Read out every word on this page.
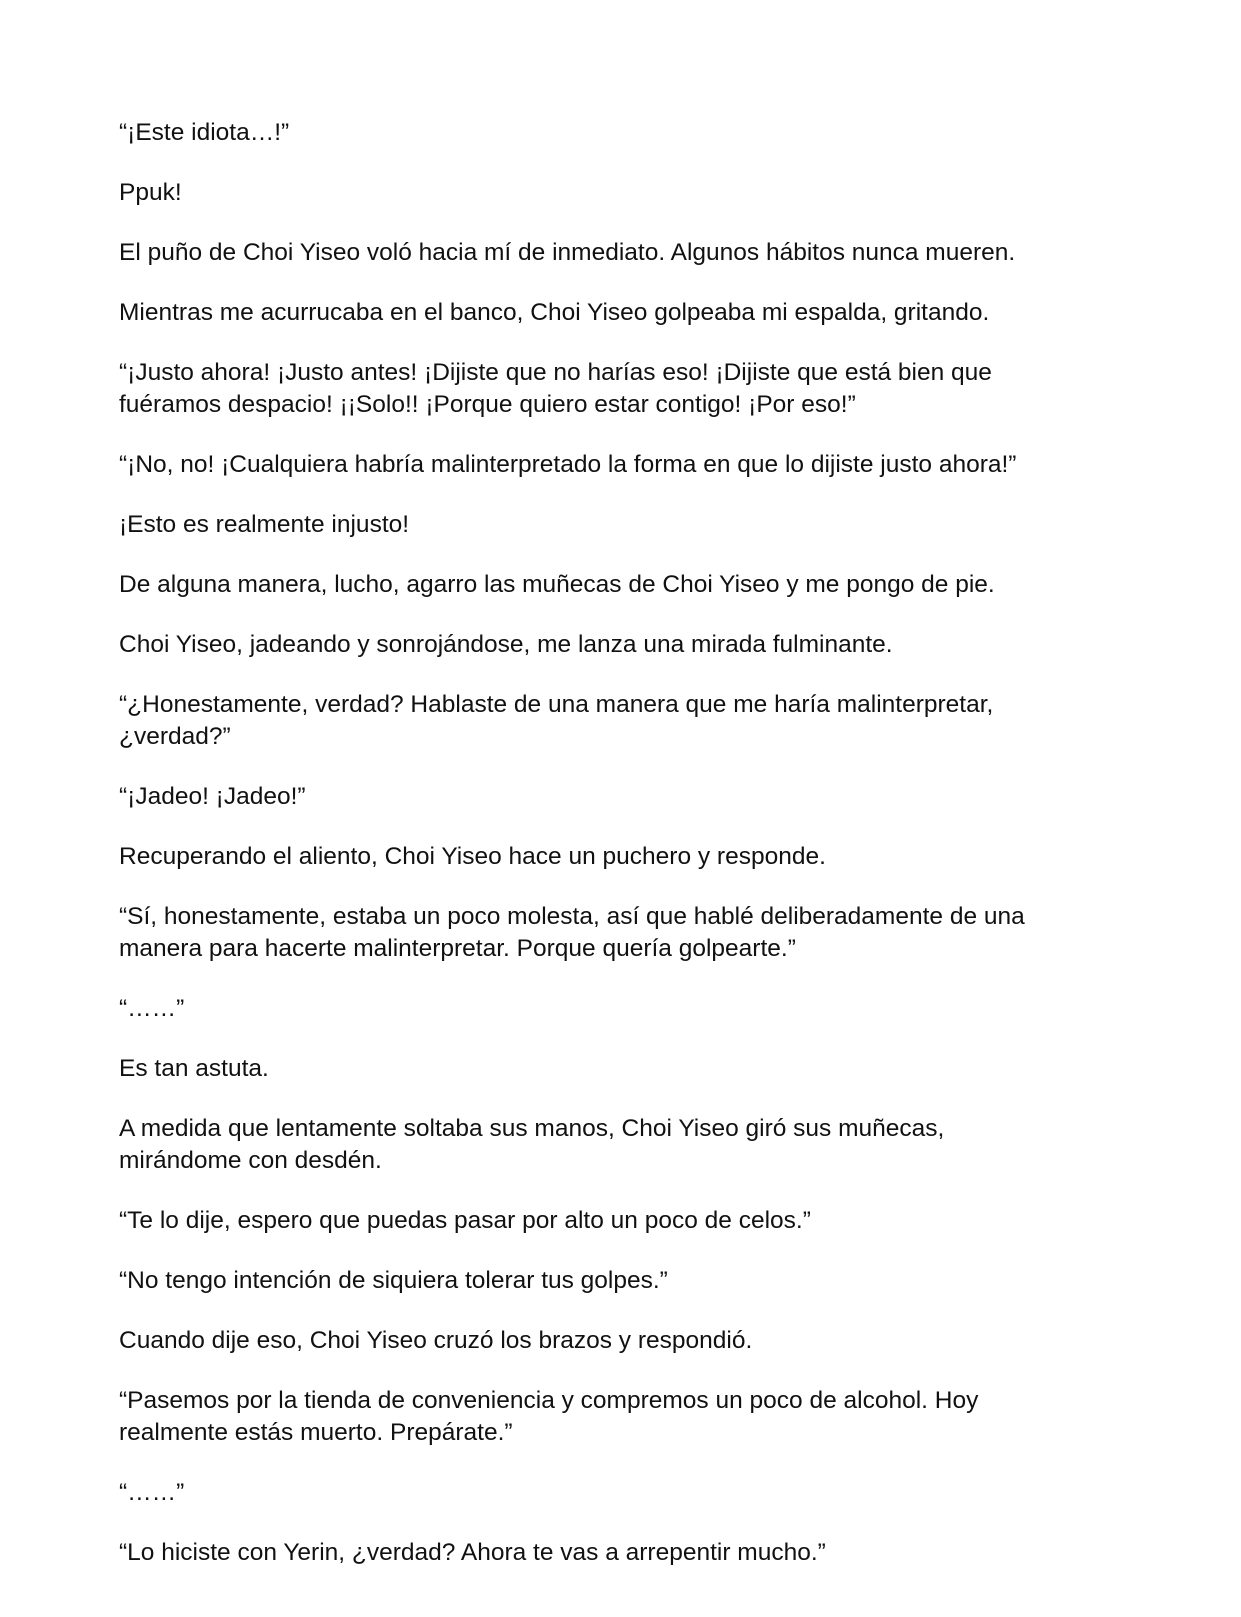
“¡Este idiota…!”

Ppuk!

El puño de Choi Yiseo voló hacia mí de inmediato. Algunos hábitos nunca mueren.

Mientras me acurrucaba en el banco, Choi Yiseo golpeaba mi espalda, gritando.

“¡Justo ahora! ¡Justo antes! ¡Dijiste que no harías eso! ¡Dijiste que está bien que
fuéramos despacio! ¡¡Solo!! ¡Porque quiero estar contigo! ¡Por eso!”

“¡No, no! ¡Cualquiera habría malinterpretado la forma en que lo dijiste justo ahora!”

¡Esto es realmente injusto!

De alguna manera, lucho, agarro las muñecas de Choi Yiseo y me pongo de pie.

Choi Yiseo, jadeando y sonrojándose, me lanza una mirada fulminante.

“¿Honestamente, verdad? Hablaste de una manera que me haría malinterpretar,
¿verdad?”

“¡Jadeo! ¡Jadeo!”

Recuperando el aliento, Choi Yiseo hace un puchero y responde.

“Sí, honestamente, estaba un poco molesta, así que hablé deliberadamente de una
manera para hacerte malinterpretar. Porque quería golpearte.”

“……”

Es tan astuta.

A medida que lentamente soltaba sus manos, Choi Yiseo giró sus muñecas,
mirándome con desdén.

“Te lo dije, espero que puedas pasar por alto un poco de celos.”

“No tengo intención de siquiera tolerar tus golpes.”

Cuando dije eso, Choi Yiseo cruzó los brazos y respondió.

“Pasemos por la tienda de conveniencia y compremos un poco de alcohol. Hoy
realmente estás muerto. Prepárate.”

“……”

“Lo hiciste con Yerin, ¿verdad? Ahora te vas a arrepentir mucho.”
